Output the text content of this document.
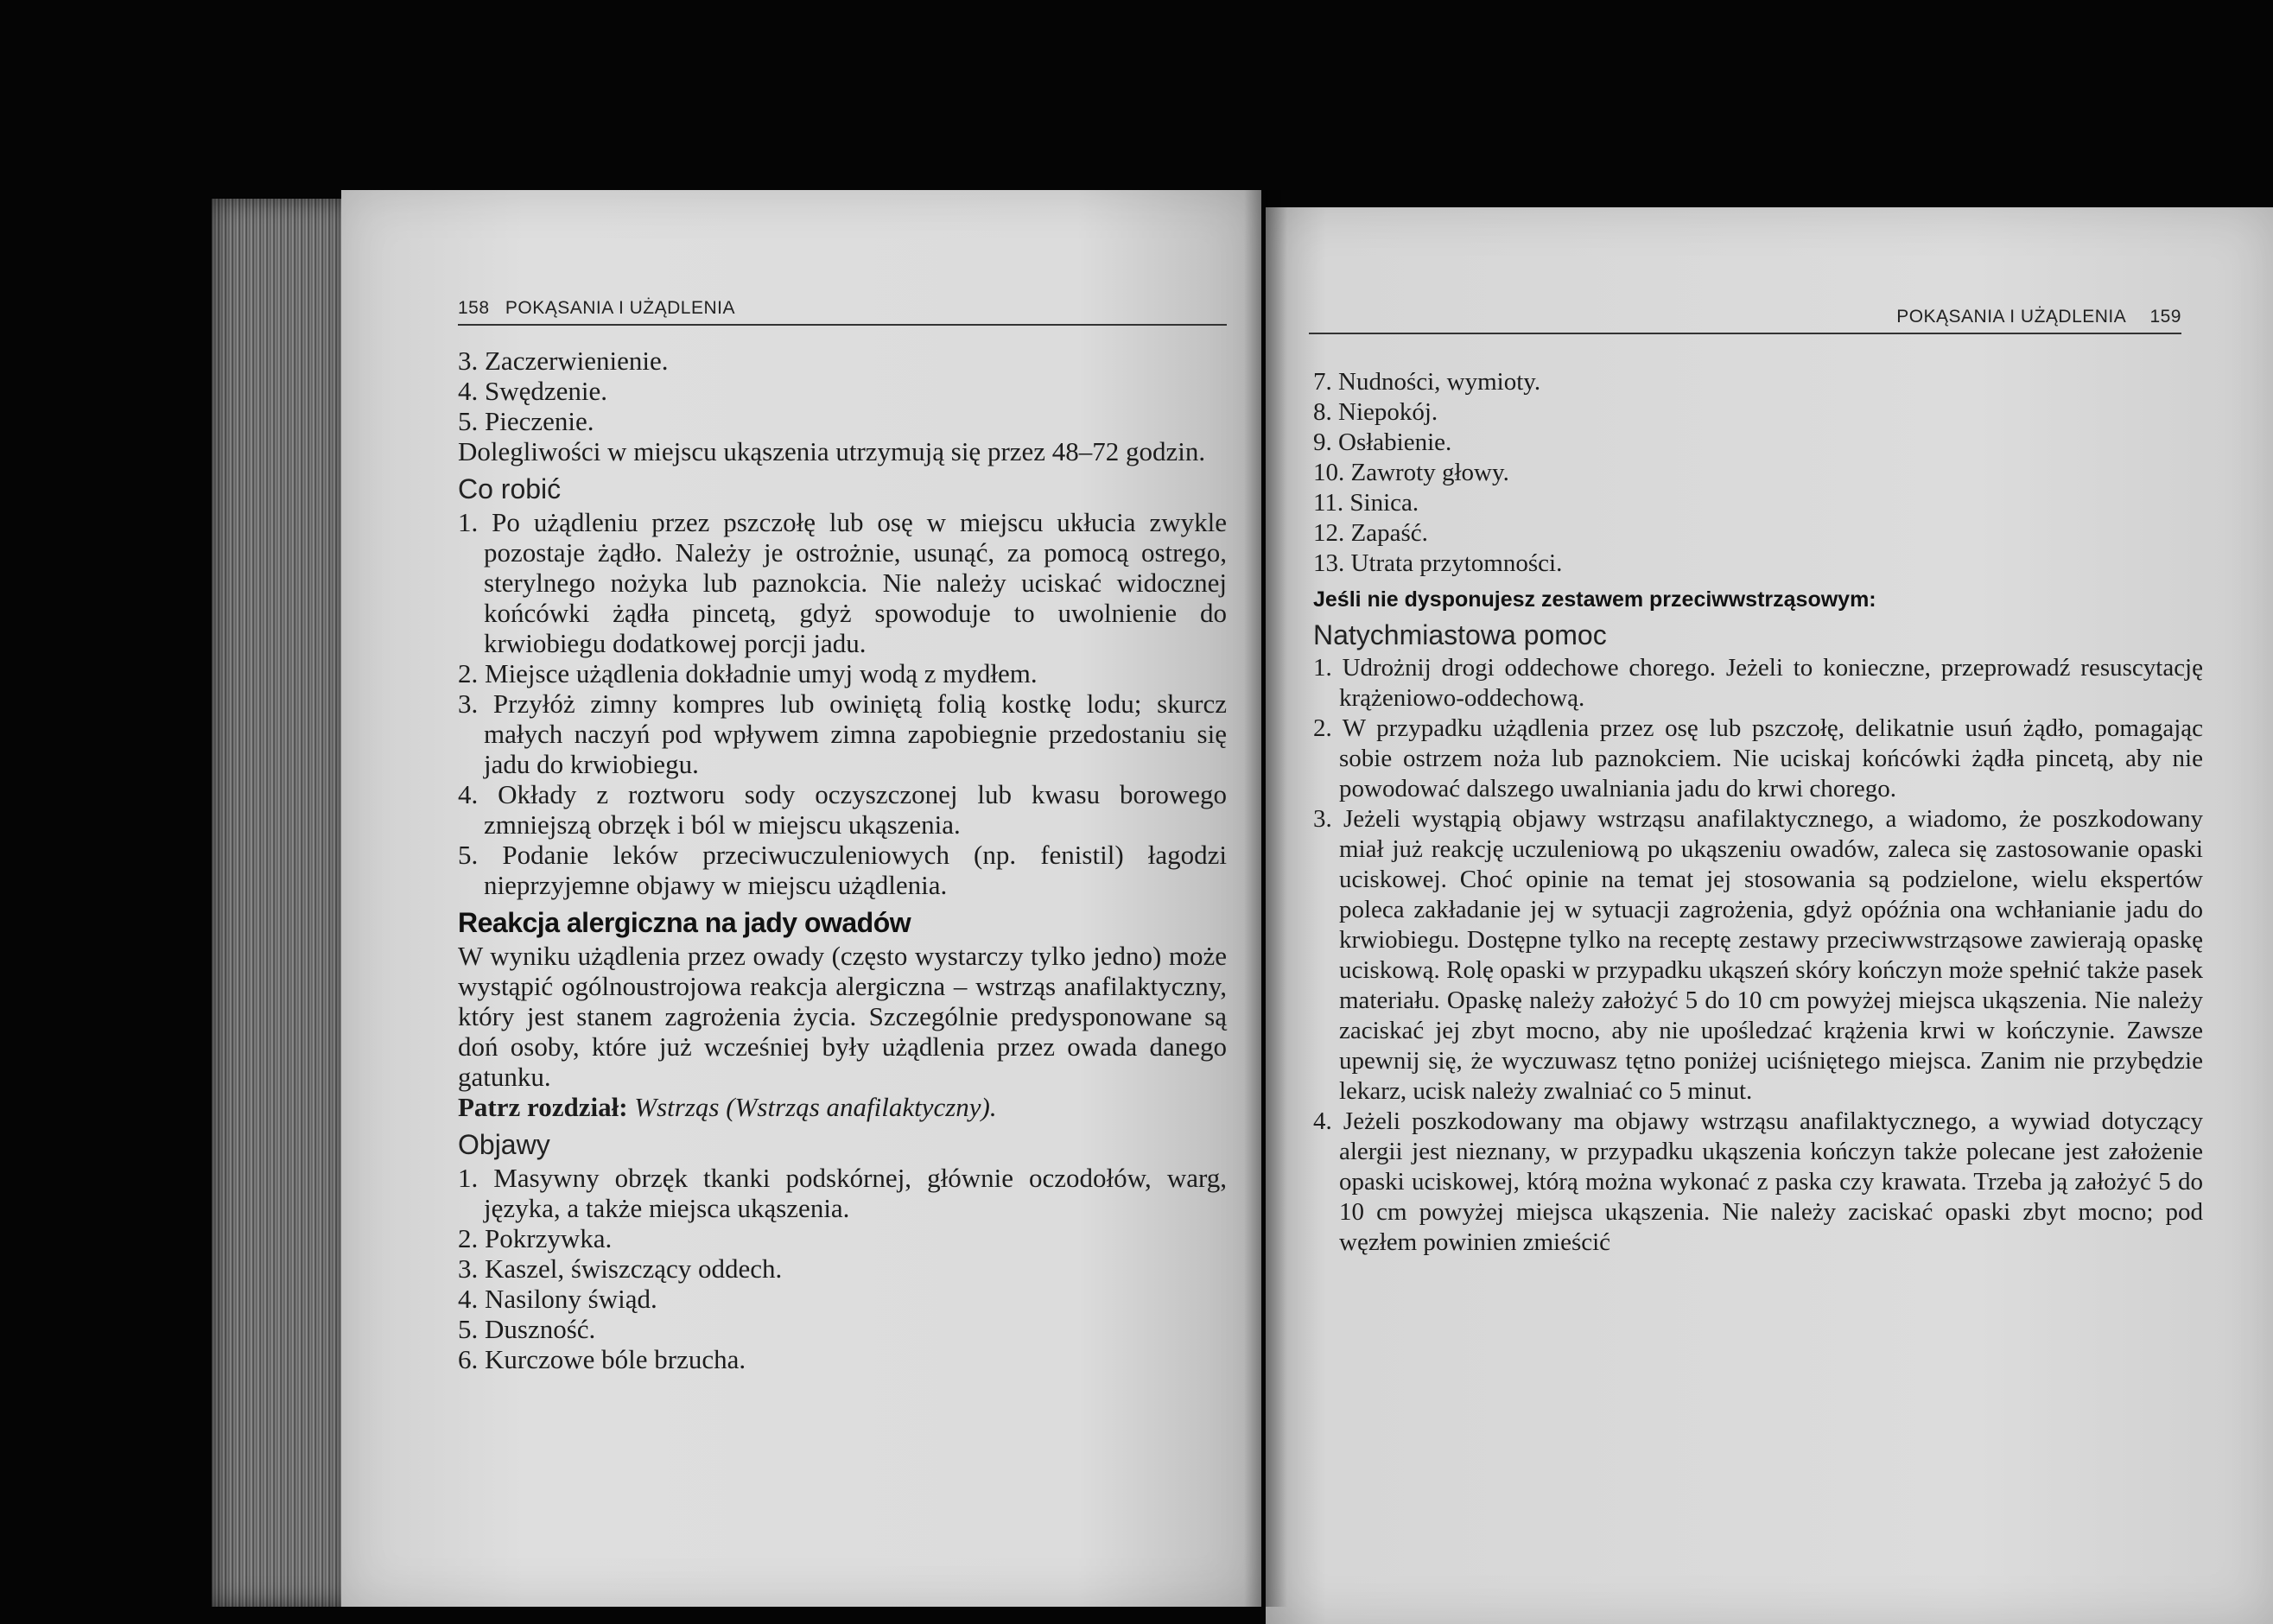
158 POKĄSANIA I UŻĄDLENIA

3. Zaczerwienienie.

4. Swędzenie.

5. Pieczenie.

Dolegliwości w miejscu ukąszenia utrzymują się przez 48–72 godzin.

Co robić

1. Po użądleniu przez pszczołę lub osę w miejscu ukłucia zwykle pozostaje żądło. Należy je ostrożnie, usunąć, za pomocą ostrego, sterylnego nożyka lub paznokcia. Nie należy uciskać widocznej końcówki żądła pincetą, gdyż spowoduje to uwolnienie do krwiobiegu dodatkowej porcji jadu.

2. Miejsce użądlenia dokładnie umyj wodą z mydłem.

3. Przyłóż zimny kompres lub owiniętą folią kostkę lodu; skurcz małych naczyń pod wpływem zimna zapobiegnie przedostaniu się jadu do krwiobiegu.

4. Okłady z roztworu sody oczyszczonej lub kwasu borowego zmniejszą obrzęk i ból w miejscu ukąszenia.

5. Podanie leków przeciwuczuleniowych (np. fenistil) łagodzi nieprzyjemne objawy w miejscu użądlenia.

Reakcja alergiczna na jady owadów

W wyniku użądlenia przez owady (często wystarczy tylko jedno) może wystąpić ogólnoustrojowa reakcja alergiczna – wstrząs anafilaktyczny, który jest stanem zagrożenia życia. Szczególnie predysponowane są doń osoby, które już wcześniej były użądlenia przez owada danego gatunku.

Patrz rozdział: Wstrząs (Wstrząs anafilaktyczny).

Objawy

1. Masywny obrzęk tkanki podskórnej, głównie oczodołów, warg, języka, a także miejsca ukąszenia.

2. Pokrzywka.

3. Kaszel, świszczący oddech.

4. Nasilony świąd.

5. Duszność.

6. Kurczowe bóle brzucha.

POKĄSANIA I UŻĄDLENIA 159

7. Nudności, wymioty.

8. Niepokój.

9. Osłabienie.

10. Zawroty głowy.

11. Sinica.

12. Zapaść.

13. Utrata przytomności.

Jeśli nie dysponujesz zestawem przeciwwstrząsowym:

Natychmiastowa pomoc

1. Udrożnij drogi oddechowe chorego. Jeżeli to konieczne, przeprowadź resuscytację krążeniowo-oddechową.

2. W przypadku użądlenia przez osę lub pszczołę, delikatnie usuń żądło, pomagając sobie ostrzem noża lub paznokciem. Nie uciskaj końcówki żądła pincetą, aby nie powodować dalszego uwalniania jadu do krwi chorego.

3. Jeżeli wystąpią objawy wstrząsu anafilaktycznego, a wiadomo, że poszkodowany miał już reakcję uczuleniową po ukąszeniu owadów, zaleca się zastosowanie opaski uciskowej. Choć opinie na temat jej stosowania są podzielone, wielu ekspertów poleca zakładanie jej w sytuacji zagrożenia, gdyż opóźnia ona wchłanianie jadu do krwiobiegu. Dostępne tylko na receptę zestawy przeciwwstrząsowe zawierają opaskę uciskową. Rolę opaski w przypadku ukąszeń skóry kończyn może spełnić także pasek materiału. Opaskę należy założyć 5 do 10 cm powyżej miejsca ukąszenia. Nie należy zaciskać jej zbyt mocno, aby nie upośledzać krążenia krwi w kończynie. Zawsze upewnij się, że wyczuwasz tętno poniżej uciśniętego miejsca. Zanim nie przybędzie lekarz, ucisk należy zwalniać co 5 minut.

4. Jeżeli poszkodowany ma objawy wstrząsu anafilaktycznego, a wywiad dotyczący alergii jest nieznany, w przypadku ukąszenia kończyn także polecane jest założenie opaski uciskowej, którą można wykonać z paska czy krawata. Trzeba ją założyć 5 do 10 cm powyżej miejsca ukąszenia. Nie należy zaciskać opaski zbyt mocno; pod węzłem powinien zmieścić
